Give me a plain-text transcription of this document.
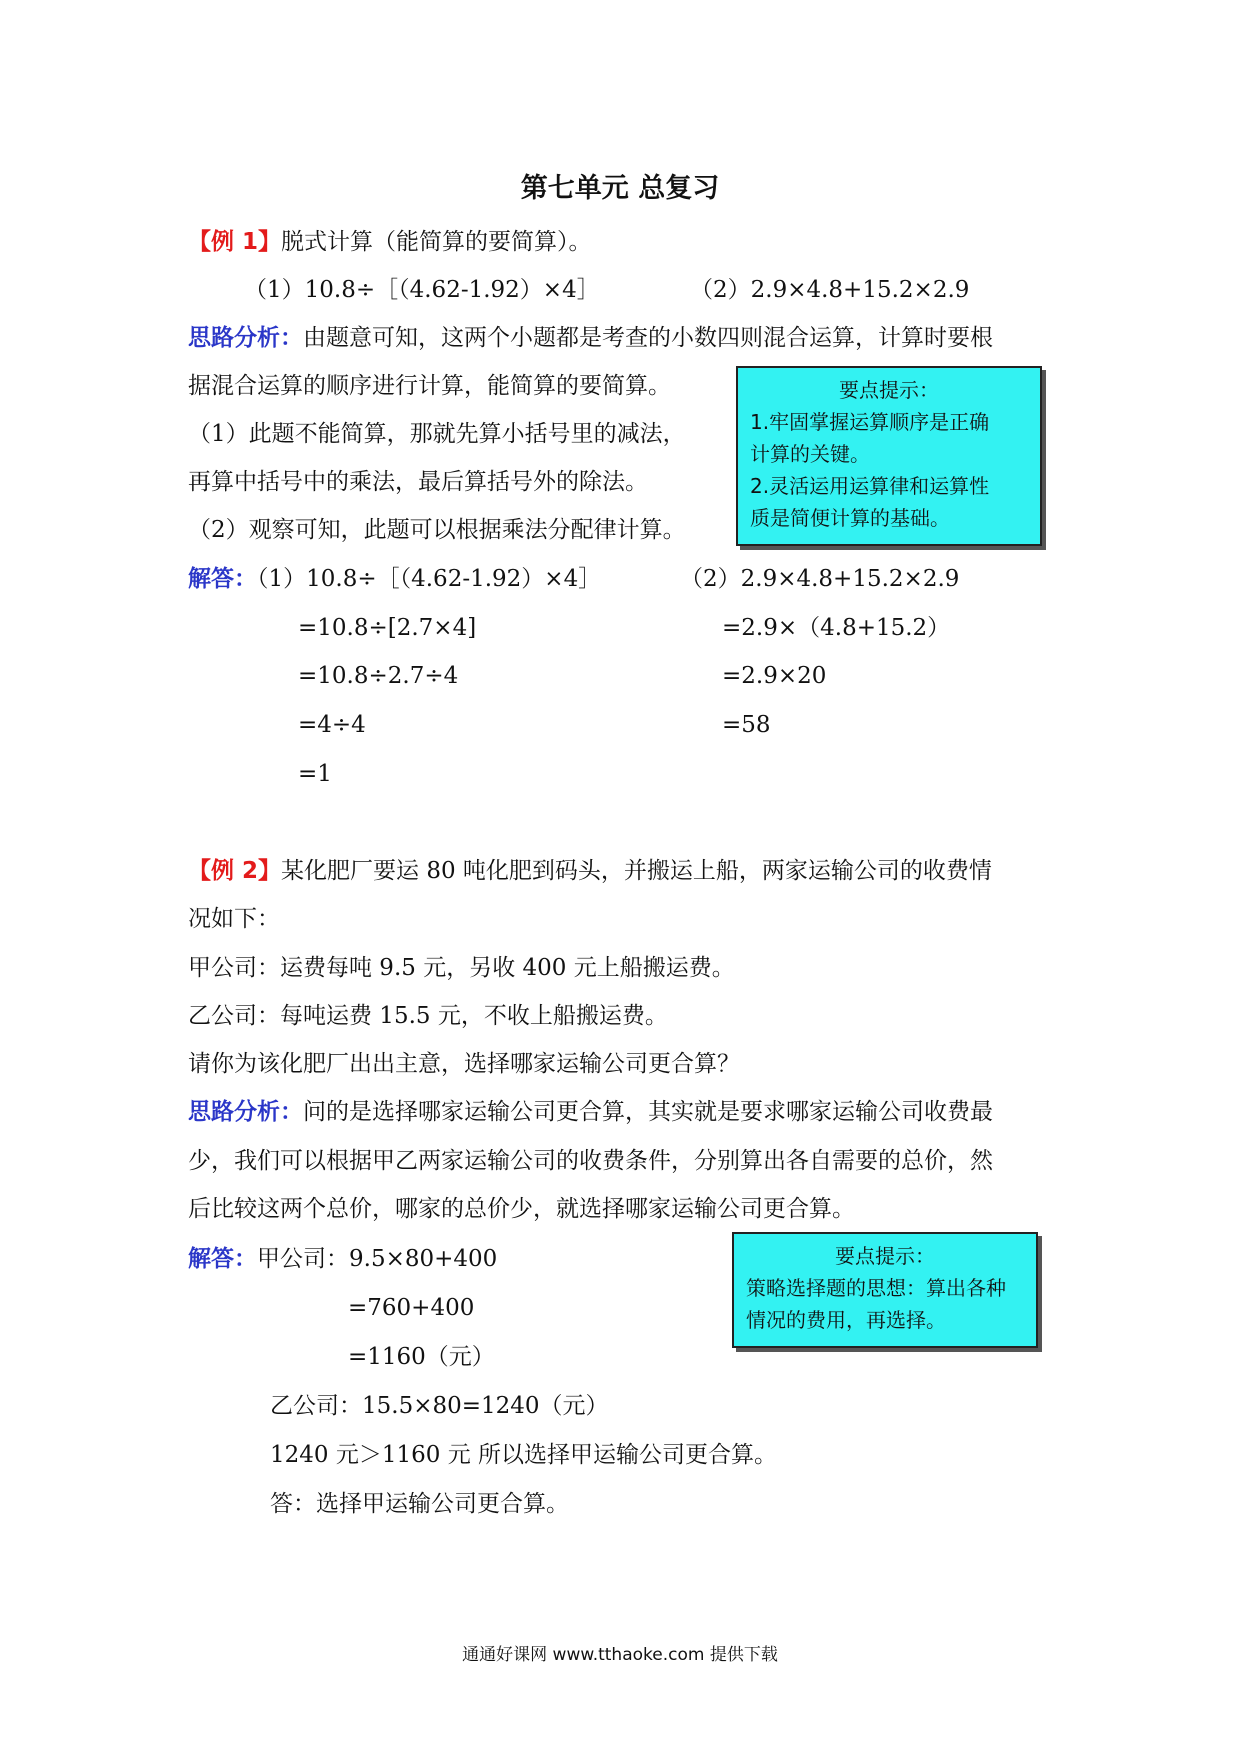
第七单元 总复习
【例 1】脱式计算（能简算的要简算）。
（1）10.8÷［（4.62-1.92）×4］	（2）2.9×4.8+15.2×2.9
思路分析：由题意可知，这两个小题都是考查的小数四则混合运算，计算时要根
据混合运算的顺序进行计算，能简算的要简算。
（1）此题不能简算，那就先算小括号里的减法，
再算中括号中的乘法，最后算括号外的除法。
（2）观察可知，此题可以根据乘法分配律计算。
要点提示：
1.牢固掌握运算顺序是正确
计算的关键。
2.灵活运用运算律和运算性
质是简便计算的基础。
解答：（1）10.8÷［（4.62-1.92）×4］	（2）2.9×4.8+15.2×2.9
=10.8÷[2.7×4]
=10.8÷2.7÷4
=4÷4
=1
=2.9×（4.8+15.2）
=2.9×20
=58
【例 2】某化肥厂要运 80 吨化肥到码头，并搬运上船，两家运输公司的收费情
况如下：
甲公司：运费每吨 9.5 元，另收 400 元上船搬运费。
乙公司：每吨运费 15.5 元，不收上船搬运费。
请你为该化肥厂出出主意，选择哪家运输公司更合算？
思路分析：问的是选择哪家运输公司更合算，其实就是要求哪家运输公司收费最
少，我们可以根据甲乙两家运输公司的收费条件，分别算出各自需要的总价，然
后比较这两个总价，哪家的总价少，就选择哪家运输公司更合算。
要点提示：
策略选择题的思想：算出各种
情况的费用，再选择。
解答：甲公司：9.5×80+400
=760+400
=1160（元）
乙公司：15.5×80=1240（元）
1240 元＞1160 元 所以选择甲运输公司更合算。
答：选择甲运输公司更合算。
通通好课网 www.tthaoke.com 提供下载
